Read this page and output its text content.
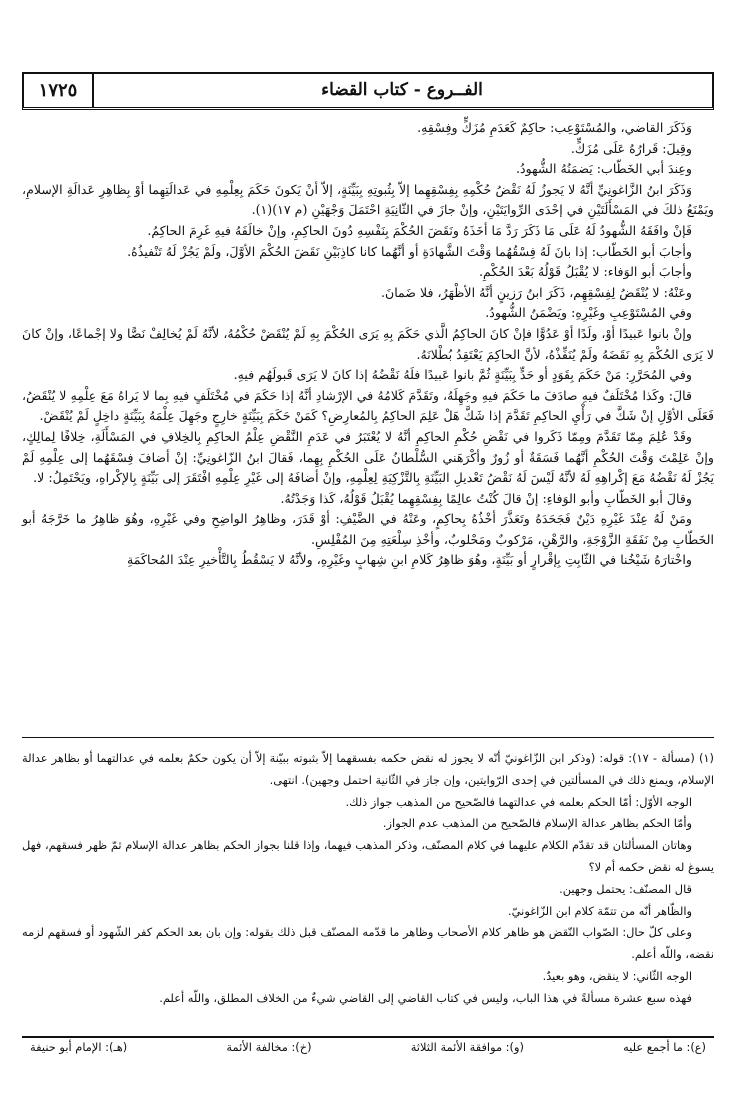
١٧٢٥	الفــروع - كتاب القضاء

وَذَكَرَ القاضي، والمُسْتَوْعِب: حاكِمٌ كَعَدَمِ مُزَكٍّ وفِسْقِهِ.

وقِيلَ: قَرارُهُ عَلَى مُزَكٍّ.

وعِندَ أبي الخَطّاب: يَضمَنُهُ الشُّهودُ.

وَذَكَرَ ابنُ الزَّاغونِيِّ أنَّهُ لا يَجوزُ لَهُ نَقْضُ حُكْمِهِ بِفِسْقِهِما إلاّ بِثُبوتِهِ بِبَيِّنَةٍ، إلاّ أنْ يَكونَ حَكَمَ بِعِلْمِهِ في عَدالَتِهِما أوْ بِظاهِرِ عَدالَةِ الإسلامِ، ويَمْنَعُ ذلكَ في المَسْأَلَتَيْنِ في إحْدَى الرِّوايَتَيْنِ، وإنْ جازَ في الثّانِيَةِ احْتَمَلَ وَجْهَيْنِ (م ١٧)(١).

فَإنْ وافَقَهُ الشُّهودُ لَهُ عَلَى مَا ذَكَرَ رَدَّ مَا أخَذَهُ ونَقَضَ الحُكْمَ بِنَفْسِهِ دُونَ الحاكِمِ، وإنْ خالَفَهُ فيهِ غَرِمَ الحاكِمُ.

وأجابَ أبو الخَطّاب: إذا بانَ لَهُ فِسْقُهُما وَقْتَ الشَّهادَةِ أو أنَّهُما كانا كاذِبَيْنِ نَقَضَ الحُكْمَ الأوَّلَ، ولَمْ يَجُزْ لَهُ تَنْفيذُهُ.

وأجابَ أبو الوَفاء: لا يُقْبَلُ قَوْلُهُ بَعْدَ الحُكْمِ.

وعَنْهُ: لا يُنْقَضُ لِفِسْقِهِم، ذَكَرَ ابنُ رَزينٍ أنَّهُ الأظْهَرُ، فلا ضَمانَ.

وفي المُسْتَوْعِبِ وغَيْرِهِ: ويَضْمَنُ الشُّهودُ.

وإنْ بانوا عَبيدًا أوْ، ولَدًا أوْ عَدُوًّا فإنْ كانَ الحاكِمُ الَّذي حَكَمَ بِهِ يَرَى الحُكْمَ بِهِ لَمْ يُنْقَضْ حُكْمُهُ، لأنَّهُ لَمْ يُخالِفْ نَصًّا ولا إجْماعًا، وإنْ كانَ لا يَرَى الحُكْمَ بِهِ نَقَضَهُ ولَمْ يُنَفِّذْهُ، لأنَّ الحاكِمَ يَعْتَقِدُ بُطْلانَهُ.

وفي المُحَرَّرِ: مَنْ حَكَمَ بِقَوَدٍ أو حَدٍّ بِبَيِّنَةٍ ثُمَّ بانوا عَبيدًا فلَهُ نَقْضُهُ إذا كانَ لا يَرَى قَبولَهُم فيهِ.

قالَ: وكَذا مُخْتَلَفٌ فيهِ صادَفَ ما حَكَمَ فيهِ وجَهِلَهُ، وتَقَدَّمَ كَلامُهُ في الإرْشادِ أنَّهُ إذا حَكَمَ في مُخْتَلَفٍ فيهِ بِما لا يَراهُ مَعَ عِلْمِهِ لا يُنْقَضُ، فَعَلَى الأوَّلِ إنْ شَكَّ في رَأْيِ الحاكِمِ تَقَدَّمَ إذا شَكَّ هَلْ عَلِمَ الحاكِمُ بِالمُعارِضِ؟ كَمَنْ حَكَمَ بِبَيِّنَةٍ خارِجٍ وجَهِلَ عِلْمَهُ بِبَيِّنَةٍ داخِلٍ لَمْ يُنْقَضْ.

وقَدْ عُلِمَ مِمّا تَقَدَّمَ ومِمّا ذَكَروا في نَقْضِ حُكْمِ الحاكِمِ أنَّهُ لا يُعْتَبَرُ في عَدَمِ النَّقْضِ عِلْمُ الحاكِمِ بِالخِلافِ في المَسْأَلَةِ، خِلافًا لِمالِكٍ، وإنْ عَلِمْتَ وَقْتَ الحُكْمِ أنَّهُما فَسَقَةٌ أو زُورٌ وأكْرَهَني السُّلْطانُ عَلَى الحُكْمِ بِهِما، فَقالَ ابنُ الزّاغونِيِّ: إنْ أضافَ فِسْقَهُما إلى عِلْمِهِ لَمْ يَجُزْ لَهُ نَقْضُهُ مَعَ إكْراهِهِ لَهُ لأنَّهُ لَيْسَ لَهُ نَقْضُ تَعْديلِ البَيِّنَةِ بِالتَّزْكِيَةِ لِعِلْمِهِ، وإنْ أضافَهُ إلى غَيْرِ عِلْمِهِ افْتَقَرَ إلى بَيِّنَةٍ بِالإكْراهِ، ويَحْتَمِلُ: لا.

وقالَ أبو الخَطّابِ وأبو الوَفاءِ: إنْ قالَ كُنْتُ عالِمًا بِفِسْقِهِما يُقْبَلُ قَوْلُهُ، كَذا وَجَدْتُهُ.

ومَنْ لَهُ عِنْدَ غَيْرِهِ دَيْنٌ فَجَحَدَهُ وتَعَذَّرَ أخْذُهُ بِحاكِمٍ، وعَنْهُ في الضَّيْفِ: أوْ قَدَرَ، وظاهِرُ الواضِحِ وفي غَيْرِهِ، وهُوَ ظاهِرُ ما خَرَّجَهُ أبو الخَطّابِ مِنْ نَفَقَةِ الزَّوْجَةِ، والرَّهْنِ، مَرْكوبٌ ومَحْلوبٌ، وأخْذِ سِلْعَتِهِ مِنَ المُفْلِسِ.

واخْتارَهُ شَيْخُنا في الثّابِتِ بِإقْرارٍ أو بَيِّنَةٍ، وهُوَ ظاهِرُ كَلامِ ابنِ شِهابٍ وغَيْرِهِ، ولأنَّهُ لا يَسْقُطُ بِالتَّأْخيرِ عِنْدَ المُحاكَمَةِ

(١) (مسألة - ١٧): قوله: (وذكر ابن الزّاغونيّ أنّه لا يجوز له نقض حكمه بفسقهما إلاّ بثبوته ببيّنة إلاّ أن يكون حكمٌ بعلمه في عدالتهما أو بظاهر عدالة الإسلام، ويمنع ذلك في المسألتين في إحدى الرّوايتين، وإن جاز في الثّانية احتمل وجهين). انتهى.

الوجه الأوّل: أمّا الحكم بعلمه في عدالتهما فالصّحيح من المذهب جواز ذلك.

وأمّا الحكم بظاهر عدالة الإسلام فالصّحيح من المذهب عدم الجواز.

وهاتان المسألتان قد تقدّم الكلام عليهما في كلام المصنّف، وذكر المذهب فيهما، وإذا قلنا بجواز الحكم بظاهر عدالة الإسلام ثمّ ظهر فسقهم، فهل يسوغ له نقض حكمه أم لا؟

قال المصنّف: يحتمل وجهين.

والظّاهر أنّه من تتمّة كلام ابن الزّاغونيّ.

وعلى كلّ حال: الصّواب النّقض هو ظاهر كلام الأصحاب وظاهر ما قدّمه المصنّف قبل ذلك بقوله: وإن بان بعد الحكم كفر الشّهود أو فسقهم لزمه نقضه، واللّه أعلم.

الوجه الثّاني: لا ينقض، وهو بعيدٌ.

فهذه سبع عشرة مسألةً في هذا الباب، وليس في كتاب القاضي إلى القاضي شيءٌ من الخلاف المطلق، واللّه أعلم.

(ع): ما أجمع عليه
(و): موافقة الأئمة الثلاثة
(خ): مخالفة الأئمة
(هـ): الإمام أبو حنيفة
